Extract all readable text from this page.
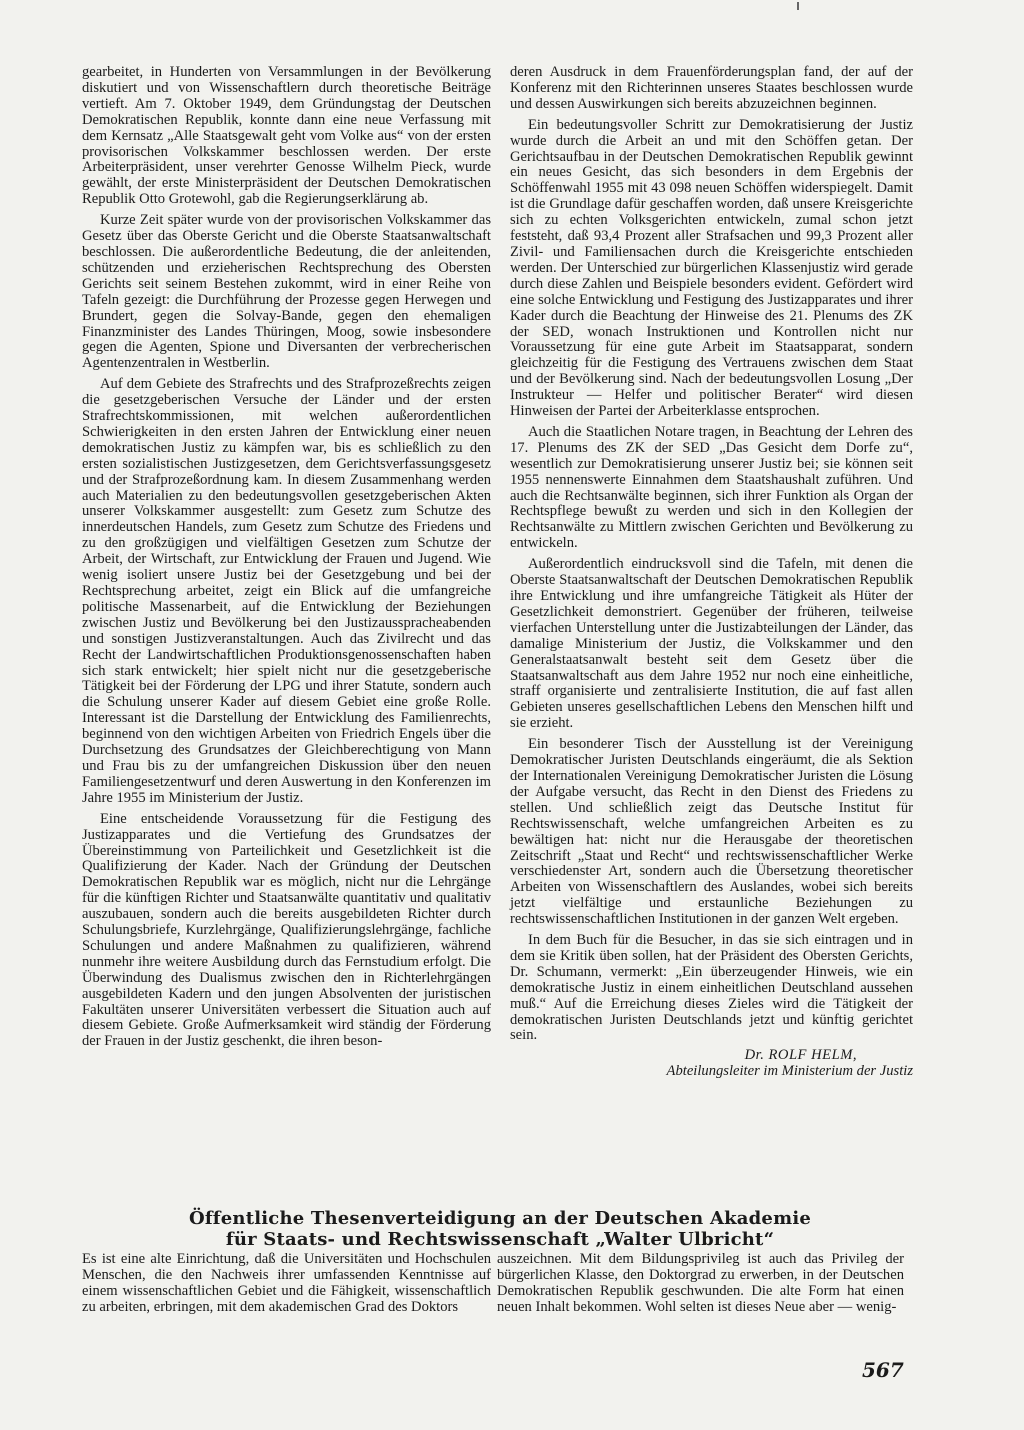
gearbeitet, in Hunderten von Versammlungen in der Bevölkerung diskutiert und von Wissenschaftlern durch theoretische Beiträge vertieft. Am 7. Oktober 1949, dem Gründungstag der Deutschen Demokratischen Republik, konnte dann eine neue Verfassung mit dem Kernsatz „Alle Staatsgewalt geht vom Volke aus“ von der ersten provisorischen Volkskammer beschlossen werden. Der erste Arbeiterpräsident, unser verehrter Genosse Wilhelm Pieck, wurde gewählt, der erste Ministerpräsident der Deutschen Demokratischen Republik Otto Grotewohl, gab die Regierungserklärung ab.

Kurze Zeit später wurde von der provisorischen Volkskammer das Gesetz über das Oberste Gericht und die Oberste Staatsanwaltschaft beschlossen. Die außerordentliche Bedeutung, die der anleitenden, schützenden und erzieherischen Rechtsprechung des Obersten Gerichts seit seinem Bestehen zukommt, wird in einer Reihe von Tafeln gezeigt: die Durchführung der Prozesse gegen Herwegen und Brundert, gegen die Solvay-Bande, gegen den ehemaligen Finanzminister des Landes Thüringen, Moog, sowie insbesondere gegen die Agenten, Spione und Diversanten der verbrecherischen Agentenzentralen in Westberlin.

Auf dem Gebiete des Strafrechts und des Strafprozeßrechts zeigen die gesetzgeberischen Versuche der Länder und der ersten Strafrechtskommissionen, mit welchen außerordentlichen Schwierigkeiten in den ersten Jahren der Entwicklung einer neuen demokratischen Justiz zu kämpfen war, bis es schließlich zu den ersten sozialistischen Justizgesetzen, dem Gerichtsverfassungsgesetz und der Strafprozeßordnung kam. In diesem Zusammenhang werden auch Materialien zu den bedeutungsvollen gesetzgeberischen Akten unserer Volkskammer ausgestellt: zum Gesetz zum Schutze des innerdeutschen Handels, zum Gesetz zum Schutze des Friedens und zu den großzügigen und vielfältigen Gesetzen zum Schutze der Arbeit, der Wirtschaft, zur Entwicklung der Frauen und Jugend. Wie wenig isoliert unsere Justiz bei der Gesetzgebung und bei der Rechtsprechung arbeitet, zeigt ein Blick auf die umfangreiche politische Massenarbeit, auf die Entwicklung der Beziehungen zwischen Justiz und Bevölkerung bei den Justizaussprachеabenden und sonstigen Justizveranstaltungen. Auch das Zivilrecht und das Recht der Landwirtschaftlichen Produktionsgenossenschaften haben sich stark entwickelt; hier spielt nicht nur die gesetzgeberische Tätigkeit bei der Förderung der LPG und ihrer Statute, sondern auch die Schulung unserer Kader auf diesem Gebiet eine große Rolle. Interessant ist die Darstellung der Entwicklung des Familienrechts, beginnend von den wichtigen Arbeiten von Friedrich Engels über die Durchsetzung des Grundsatzes der Gleichberechtigung von Mann und Frau bis zu der umfangreichen Diskussion über den neuen Familiengesetzentwurf und deren Auswertung in den Konferenzen im Jahre 1955 im Ministerium der Justiz.

Eine entscheidende Voraussetzung für die Festigung des Justizapparates und die Vertiefung des Grundsatzes der Übereinstimmung von Parteilichkeit und Gesetzlichkeit ist die Qualifizierung der Kader. Nach der Gründung der Deutschen Demokratischen Republik war es möglich, nicht nur die Lehrgänge für die künftigen Richter und Staatsanwälte quantitativ und qualitativ auszubauen, sondern auch die bereits ausgebildeten Richter durch Schulungsbriefe, Kurzlehrgänge, Qualifizierungslehrgänge, fachliche Schulungen und andere Maßnahmen zu qualifizieren, während nunmehr ihre weitere Ausbildung durch das Fernstudium erfolgt. Die Überwindung des Dualismus zwischen den in Richterlehrgängen ausgebildeten Kadern und den jungen Absolventen der juristischen Fakultäten unserer Universitäten verbessert die Situation auch auf diesem Gebiete. Große Aufmerksamkeit wird ständig der Förderung der Frauen in der Justiz geschenkt, die ihren beson-

deren Ausdruck in dem Frauenförderungsplan fand, der auf der Konferenz mit den Richterinnen unseres Staates beschlossen wurde und dessen Auswirkungen sich bereits abzuzeichnen beginnen.

Ein bedeutungsvoller Schritt zur Demokratisierung der Justiz wurde durch die Arbeit an und mit den Schöffen getan. Der Gerichtsaufbau in der Deutschen Demokratischen Republik gewinnt ein neues Gesicht, das sich besonders in dem Ergebnis der Schöffenwahl 1955 mit 43 098 neuen Schöffen widerspiegelt. Damit ist die Grundlage dafür geschaffen worden, daß unsere Kreisgerichte sich zu echten Volksgerichten entwickeln, zumal schon jetzt feststeht, daß 93,4 Prozent aller Strafsachen und 99,3 Prozent aller Zivil- und Familiensachen durch die Kreisgerichte entschieden werden. Der Unterschied zur bürgerlichen Klassenjustiz wird gerade durch diese Zahlen und Beispiele besonders evident. Gefördert wird eine solche Entwicklung und Festigung des Justizapparates und ihrer Kader durch die Beachtung der Hinweise des 21. Plenums des ZK der SED, wonach Instruktionen und Kontrollen nicht nur Voraussetzung für eine gute Arbeit im Staatsapparat, sondern gleichzeitig für die Festigung des Vertrauens zwischen dem Staat und der Bevölkerung sind. Nach der bedeutungsvollen Losung „Der Instrukteur — Helfer und politischer Berater“ wird diesen Hinweisen der Partei der Arbeiterklasse entsprochen.

Auch die Staatlichen Notare tragen, in Beachtung der Lehren des 17. Plenums des ZK der SED „Das Gesicht dem Dorfe zu“, wesentlich zur Demokratisierung unserer Justiz bei; sie können seit 1955 nennenswerte Einnahmen dem Staatshaushalt zuführen. Und auch die Rechtsanwälte beginnen, sich ihrer Funktion als Organ der Rechtspflege bewußt zu werden und sich in den Kollegien der Rechtsanwälte zu Mittlern zwischen Gerichten und Bevölkerung zu entwickeln.

Außerordentlich eindrucksvoll sind die Tafeln, mit denen die Oberste Staatsanwaltschaft der Deutschen Demokratischen Republik ihre Entwicklung und ihre umfangreiche Tätigkeit als Hüter der Gesetzlichkeit demonstriert. Gegenüber der früheren, teilweise vierfachen Unterstellung unter die Justizabteilungen der Länder, das damalige Ministerium der Justiz, die Volkskammer und den Generalstaatsanwalt besteht seit dem Gesetz über die Staatsanwaltschaft aus dem Jahre 1952 nur noch eine einheitliche, straff organisierte und zentralisierte Institution, die auf fast allen Gebieten unseres gesellschaftlichen Lebens den Menschen hilft und sie erzieht.

Ein besonderer Tisch der Ausstellung ist der Vereinigung Demokratischer Juristen Deutschlands eingeräumt, die als Sektion der Internationalen Vereinigung Demokratischer Juristen die Lösung der Aufgabe versucht, das Recht in den Dienst des Friedens zu stellen. Und schließlich zeigt das Deutsche Institut für Rechtswissenschaft, welche umfangreichen Arbeiten es zu bewältigen hat: nicht nur die Herausgabe der theoretischen Zeitschrift „Staat und Recht“ und rechtswissenschaftlicher Werke verschiedenster Art, sondern auch die Übersetzung theoretischer Arbeiten von Wissenschaftlern des Auslandes, wobei sich bereits jetzt vielfältige und erstaunliche Beziehungen zu rechtswissenschaftlichen Institutionen in der ganzen Welt ergeben.

In dem Buch für die Besucher, in das sie sich eintragen und in dem sie Kritik üben sollen, hat der Präsident des Obersten Gerichts, Dr. Schumann, vermerkt: „Ein überzeugender Hinweis, wie ein demokratische Justiz in einem einheitlichen Deutschland aussehen muß.“ Auf die Erreichung dieses Zieles wird die Tätigkeit der demokratischen Juristen Deutschlands jetzt und künftig gerichtet sein.

Dr. ROLF HELM,
Abteilungsleiter im Ministerium der Justiz
Öffentliche Thesenverteidigung an der Deutschen Akademie
für Staats- und Rechtswissenschaft „Walter Ulbricht“

Es ist eine alte Einrichtung, daß die Universitäten und Hochschulen Menschen, die den Nachweis ihrer umfassenden Kenntnisse auf einem wissenschaftlichen Gebiet und die Fähigkeit, wissenschaftlich zu arbeiten, erbringen, mit dem akademischen Grad des Doktors

auszeichnen. Mit dem Bildungsprivileg ist auch das Privileg der bürgerlichen Klasse, den Doktorgrad zu erwerben, in der Deutschen Demokratischen Republik geschwunden. Die alte Form hat einen neuen Inhalt bekommen. Wohl selten ist dieses Neue aber — wenig-

567
